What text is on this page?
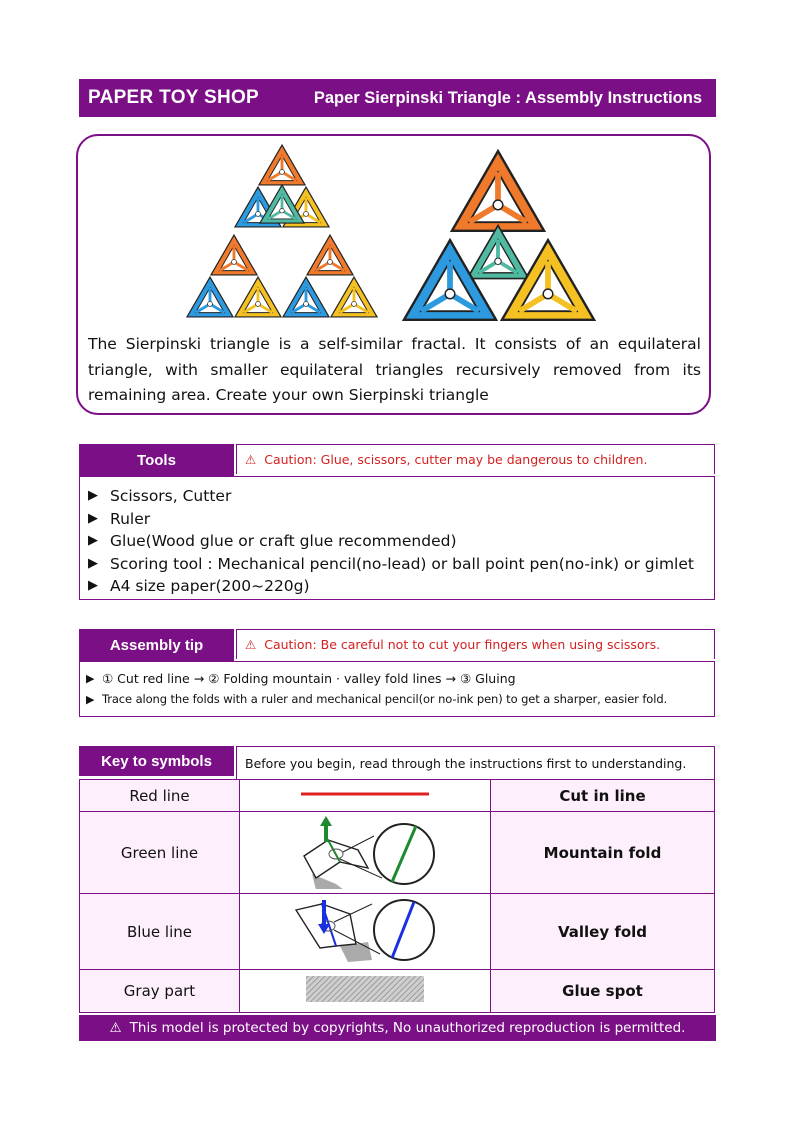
PAPER TOY SHOP	Paper Sierpinski Triangle : Assembly Instructions

The Sierpinski triangle is a self-similar fractal. It consists of an equilateral triangle, with smaller equilateral triangles recursively removed from its remaining area. Create your own Sierpinski triangle

Tools	⚠ Caution: Glue, scissors, cutter may be dangerous to children.
▶ Scissors, Cutter
▶ Ruler
▶ Glue(Wood glue or craft glue recommended)
▶ Scoring tool : Mechanical pencil(no-lead) or ball point pen(no-ink) or gimlet
▶ A4 size paper(200~220g)
Assembly tip	⚠ Caution: Be careful not to cut your fingers when using scissors.
▶ ① Cut red line → ② Folding mountain · valley fold lines → ③ Gluing
▶ Trace along the folds with a ruler and mechanical pencil(or no-ink pen) to get a sharper, easier fold.
Key to symbols	Before you begin, read through the instructions first to understanding.
Red line		Cut in line
Green line		Mountain fold
Blue line		Valley fold
Gray part		Glue spot
⚠ This model is protected by copyrights, No unauthorized reproduction is permitted.
